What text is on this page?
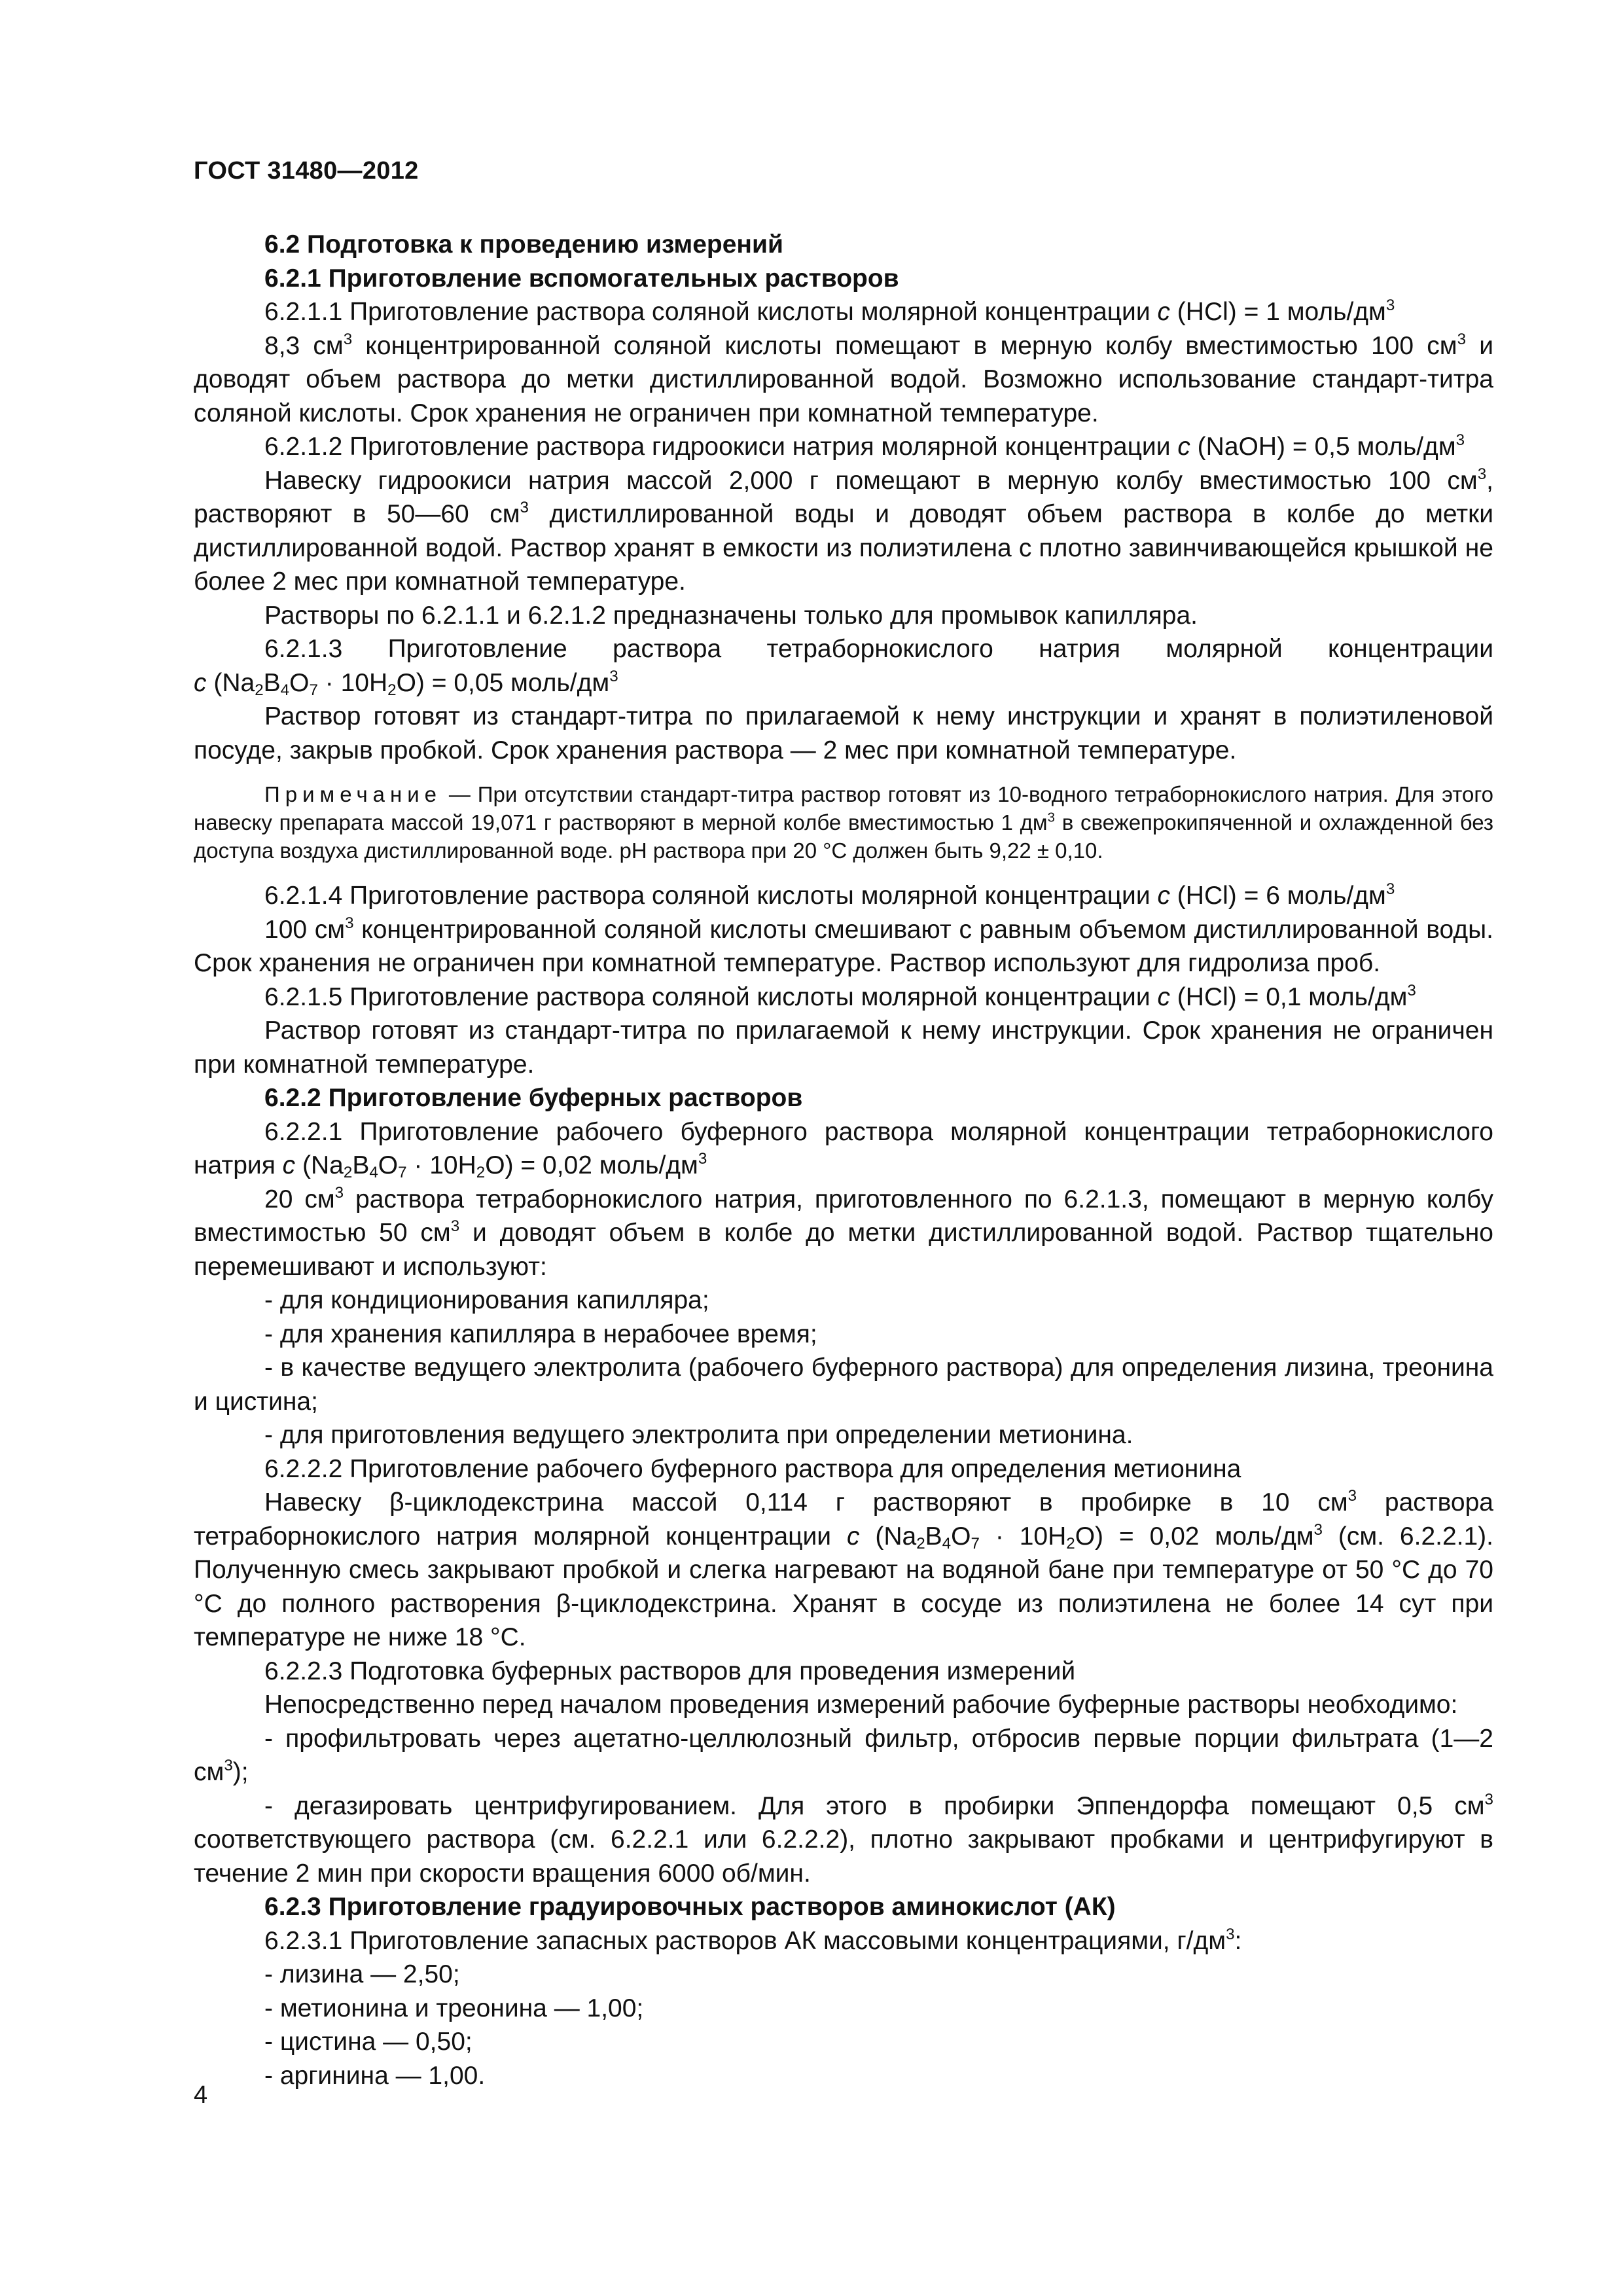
ГОСТ 31480—2012

6.2 Подготовка к проведению измерений

6.2.1 Приготовление вспомогательных растворов

6.2.1.1 Приготовление раствора соляной кислоты молярной концентрации c (HCl) = 1 моль/$дм^3$

8,3 $см^3$ концентрированной соляной кислоты помещают в мерную колбу вместимостью 100 $см^3$ и доводят объем раствора до метки дистиллированной водой. Возможно использование стандарт-титра соляной кислоты. Срок хранения не ограничен при комнатной температуре.

6.2.1.2 Приготовление раствора гидроокиси натрия молярной концентрации c (NaOH) = 0,5 моль/$дм^3$

Навеску гидроокиси натрия массой 2,000 г помещают в мерную колбу вместимостью 100 $см^3$, растворяют в 50—60 $см^3$ дистиллированной воды и доводят объем раствора в колбе до метки дистиллированной водой. Раствор хранят в емкости из полиэтилена с плотно завинчивающейся крышкой не более 2 мес при комнатной температуре.

Растворы по 6.2.1.1 и 6.2.1.2 предназначены только для промывок капилляра.

6.2.1.3 Приготовление раствора тетраборнокислого натрия молярной концентрации

c $(Na_2B_4O_7 \cdot 10H_2O) = 0,05$ моль/$дм^3$

Раствор готовят из стандарт-титра по прилагаемой к нему инструкции и хранят в полиэтиленовой посуде, закрыв пробкой. Срок хранения раствора — 2 мес при комнатной температуре.

Примечание — При отсутствии стандарт-титра раствор готовят из 10-водного тетраборнокислого натрия. Для этого навеску препарата массой 19,071 г растворяют в мерной колбе вместимостью 1 $дм^3$ в свежепрокипяченной и охлажденной без доступа воздуха дистиллированной воде. pH раствора при 20 °С должен быть 9,22 ± 0,10.

6.2.1.4 Приготовление раствора соляной кислоты молярной концентрации c (HCl) = 6 моль/$дм^3$

100 $см^3$ концентрированной соляной кислоты смешивают с равным объемом дистиллированной воды. Срок хранения не ограничен при комнатной температуре. Раствор используют для гидролиза проб.

6.2.1.5 Приготовление раствора соляной кислоты молярной концентрации c (HCl) = 0,1 моль/$дм^3$

Раствор готовят из стандарт-титра по прилагаемой к нему инструкции. Срок хранения не ограничен при комнатной температуре.

6.2.2 Приготовление буферных растворов

6.2.2.1 Приготовление рабочего буферного раствора молярной концентрации тетраборнокислого натрия c $(Na_2B_4O_7 \cdot 10H_2O) = 0,02$ моль/$дм^3$

20 $см^3$ раствора тетраборнокислого натрия, приготовленного по 6.2.1.3, помещают в мерную колбу вместимостью 50 $см^3$ и доводят объем в колбе до метки дистиллированной водой. Раствор тщательно перемешивают и используют:

- для кондиционирования капилляра;

- для хранения капилляра в нерабочее время;

- в качестве ведущего электролита (рабочего буферного раствора) для определения лизина, треонина и цистина;

- для приготовления ведущего электролита при определении метионина.

6.2.2.2 Приготовление рабочего буферного раствора для определения метионина

Навеску β-циклодекстрина массой 0,114 г растворяют в пробирке в 10 $см^3$ раствора тетраборнокислого натрия молярной концентрации c $(Na_2B_4O_7 \cdot 10H_2O) = 0,02$ моль/$дм^3$ (см. 6.2.2.1). Полученную смесь закрывают пробкой и слегка нагревают на водяной бане при температуре от 50 °С до 70 °С до полного растворения β-циклодекстрина. Хранят в сосуде из полиэтилена не более 14 сут при температуре не ниже 18 °С.

6.2.2.3 Подготовка буферных растворов для проведения измерений

Непосредственно перед началом проведения измерений рабочие буферные растворы необходимо:

- профильтровать через ацетатно-целлюлозный фильтр, отбросив первые порции фильтрата (1—2 $см^3$);

- дегазировать центрифугированием. Для этого в пробирки Эппендорфа помещают 0,5 $см^3$ соответствующего раствора (см. 6.2.2.1 или 6.2.2.2), плотно закрывают пробками и центрифугируют в течение 2 мин при скорости вращения 6000 об/мин.

6.2.3 Приготовление градуировочных растворов аминокислот (АК)

6.2.3.1 Приготовление запасных растворов АК массовыми концентрациями, $г/дм^3$:

- лизина — 2,50;

- метионина и треонина — 1,00;

- цистина — 0,50;

- аргинина — 1,00.

4
